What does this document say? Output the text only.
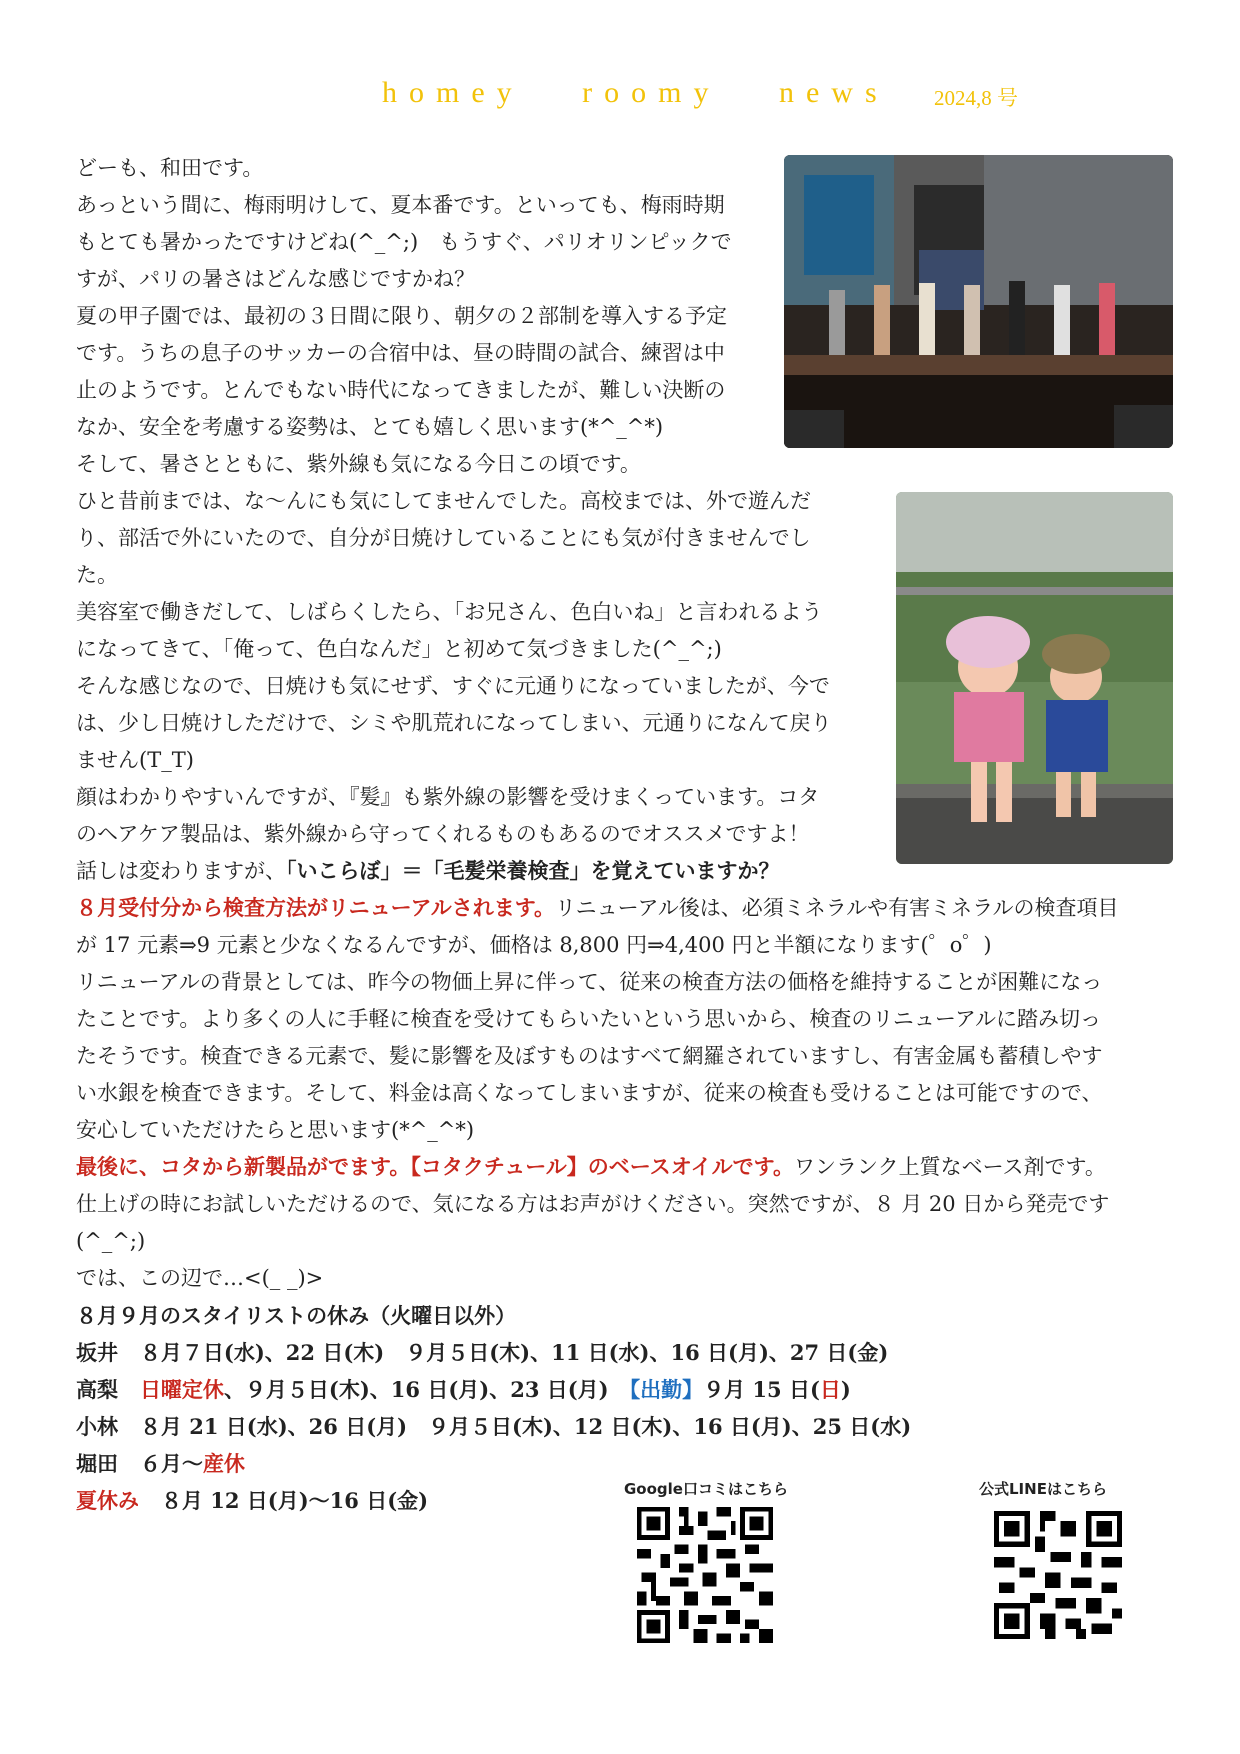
homey   roomy   news 2024,8 号
どーも、和田です。
あっという間に、梅雨明けして、夏本番です。といっても、梅雨時期
もとても暑かったですけどね(^_^;)　もうすぐ、パリオリンピックで
すが、パリの暑さはどんな感じですかね？
夏の甲子園では、最初の３日間に限り、朝夕の２部制を導入する予定
です。うちの息子のサッカーの合宿中は、昼の時間の試合、練習は中
止のようです。とんでもない時代になってきましたが、難しい決断の
なか、安全を考慮する姿勢は、とても嬉しく思います(*^_^*)
そして、暑さとともに、紫外線も気になる今日この頃です。
ひと昔前までは、な～んにも気にしてませんでした。高校までは、外で遊んだ
り、部活で外にいたので、自分が日焼けしていることにも気が付きませんでし
た。
美容室で働きだして、しばらくしたら、「お兄さん、色白いね」と言われるよう
になってきて、「俺って、色白なんだ」と初めて気づきました(^_^;)
そんな感じなので、日焼けも気にせず、すぐに元通りになっていましたが、今で
は、少し日焼けしただけで、シミや肌荒れになってしまい、元通りになんて戻り
ません(T_T)
顔はわかりやすいんですが、『髪』も紫外線の影響を受けまくっています。コタ
のヘアケア製品は、紫外線から守ってくれるものもあるのでオススメですよ！
話しは変わりますが、「いこらぼ」＝「毛髪栄養検査」を覚えていますか？
８月受付分から検査方法がリニューアルされます。リニューアル後は、必須ミネラルや有害ミネラルの検査項目
が 17 元素⇒9 元素と少なくなるんですが、価格は 8,800 円⇒4,400 円と半額になります(゜o゜)
リニューアルの背景としては、昨今の物価上昇に伴って、従来の検査方法の価格を維持することが困難になっ
たことです。より多くの人に手軽に検査を受けてもらいたいという思いから、検査のリニューアルに踏み切っ
たそうです。検査できる元素で、髪に影響を及ぼすものはすべて網羅されていますし、有害金属も蓄積しやす
い水銀を検査できます。そして、料金は高くなってしまいますが、従来の検査も受けることは可能ですので、
安心していただけたらと思います(*^_^*)
最後に、コタから新製品がでます。【コタクチュール】のベースオイルです。ワンランク上質なベース剤です。
仕上げの時にお試しいただけるので、気になる方はお声がけください。突然ですが、８ 月 20 日から発売です
(^_^;)
では、この辺で…<(_ _)>
８月９月のスタイリストの休み（火曜日以外）
坂井 ８月７日(水)、22 日(木)　９月５日(木)、11 日(水)、16 日(月)、27 日(金)
高梨 日曜定休、９月５日(木)、16 日(月)、23 日(月)　【出勤】９月 15 日(日)
小林 ８月 21 日(水)、26 日(月)　９月５日(木)、12 日(木)、16 日(月)、25 日(水)
堀田 ６月～産休
夏休み ８月 12 日(月)～16 日(金)	Google口コミはこちら	公式LINEはこちら
